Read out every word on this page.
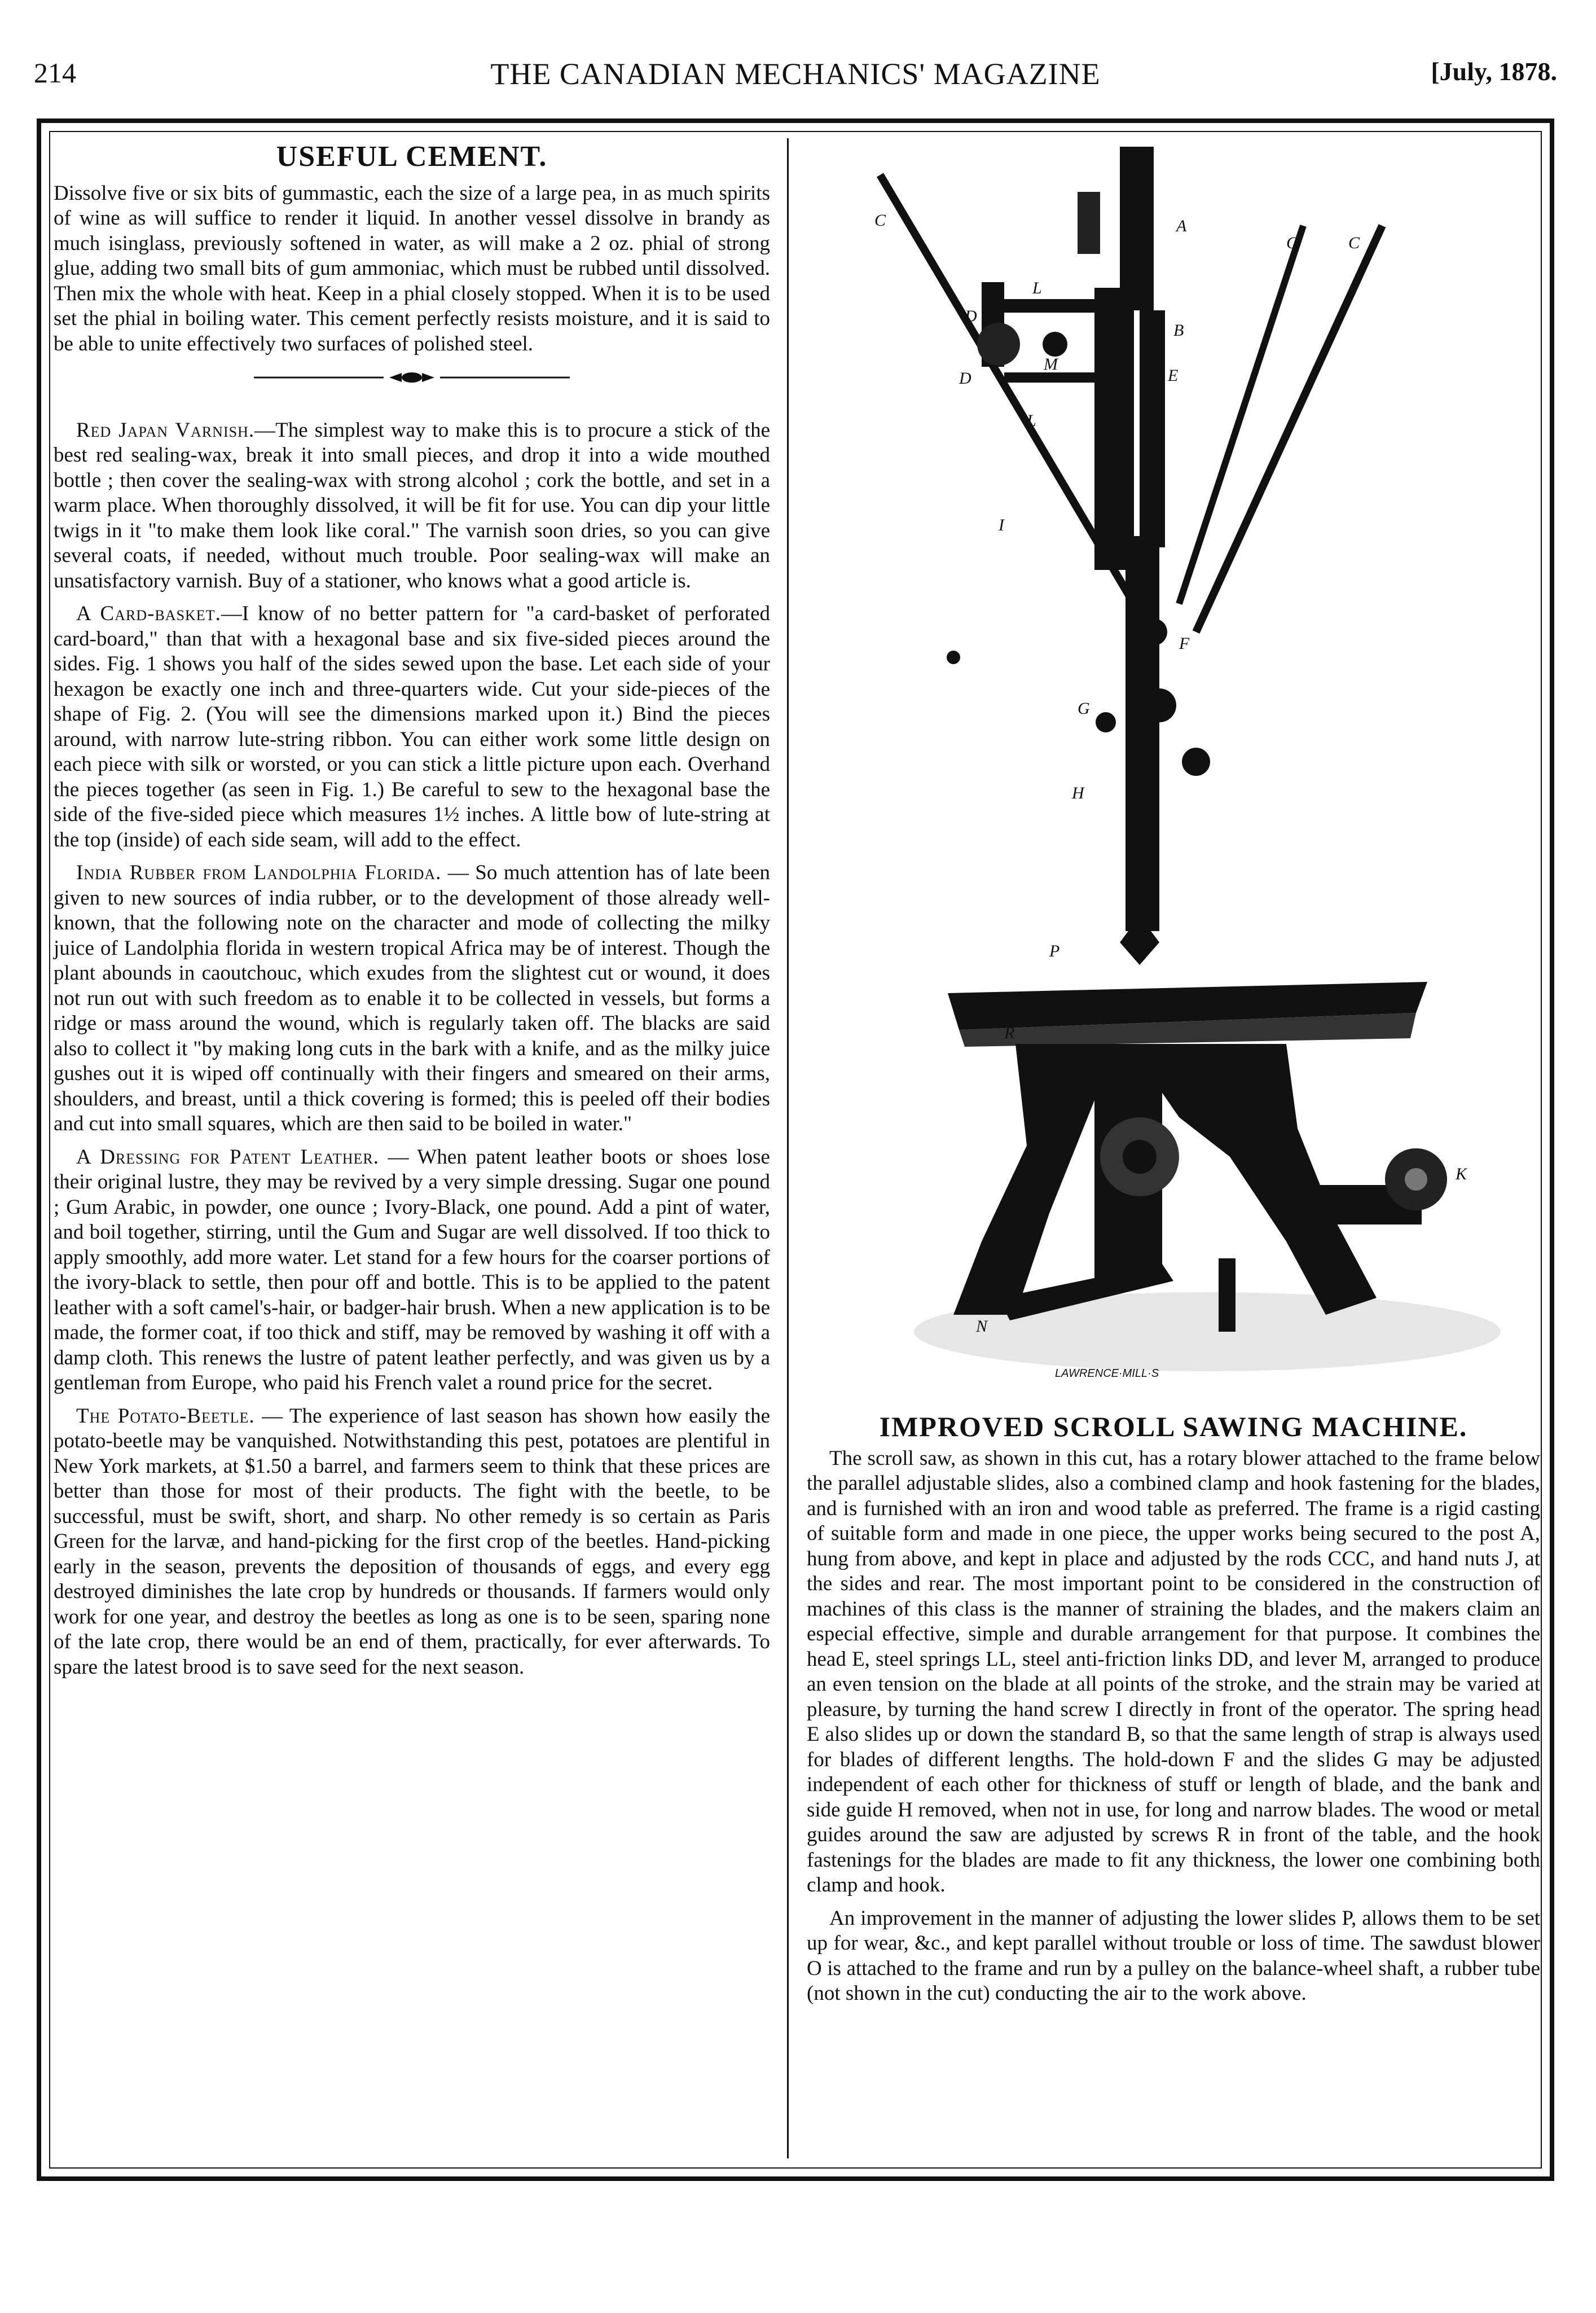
214	THE CANADIAN MECHANICS' MAGAZINE	[July, 1878.
USEFUL CEMENT.

Dissolve five or six bits of gummastic, each the size of a large pea, in as much spirits of wine as will suffice to render it liquid. In another vessel dissolve in brandy as much isinglass, previously softened in water, as will make a 2 oz. phial of strong glue, adding two small bits of gum ammoniac, which must be rubbed until dissolved. Then mix the whole with heat. Keep in a phial closely stopped. When it is to be used set the phial in boiling water. This cement perfectly resists moisture, and it is said to be able to unite effectively two surfaces of polished steel.

Red Japan Varnish.—The simplest way to make this is to procure a stick of the best red sealing-wax, break it into small pieces, and drop it into a wide mouthed bottle ; then cover the sealing-wax with strong alcohol ; cork the bottle, and set in a warm place. When thoroughly dissolved, it will be fit for use. You can dip your little twigs in it "to make them look like coral." The varnish soon dries, so you can give several coats, if needed, without much trouble. Poor sealing-wax will make an unsatisfactory varnish. Buy of a stationer, who knows what a good article is.

A Card-basket.—I know of no better pattern for "a card-basket of perforated card-board," than that with a hexagonal base and six five-sided pieces around the sides. Fig. 1 shows you half of the sides sewed upon the base. Let each side of your hexagon be exactly one inch and three-quarters wide. Cut your side-pieces of the shape of Fig. 2. (You will see the dimensions marked upon it.) Bind the pieces around, with narrow lute-string ribbon. You can either work some little design on each piece with silk or worsted, or you can stick a little picture upon each. Overhand the pieces together (as seen in Fig. 1.) Be careful to sew to the hexagonal base the side of the five-sided piece which measures 1½ inches. A little bow of lute-string at the top (inside) of each side seam, will add to the effect.

India Rubber from Landolphia Florida. — So much attention has of late been given to new sources of india rubber, or to the development of those already well-known, that the following note on the character and mode of collecting the milky juice of Landolphia florida in western tropical Africa may be of interest. Though the plant abounds in caoutchouc, which exudes from the slightest cut or wound, it does not run out with such freedom as to enable it to be collected in vessels, but forms a ridge or mass around the wound, which is regularly taken off. The blacks are said also to collect it "by making long cuts in the bark with a knife, and as the milky juice gushes out it is wiped off continually with their fingers and smeared on their arms, shoulders, and breast, until a thick covering is formed; this is peeled off their bodies and cut into small squares, which are then said to be boiled in water."

A Dressing for Patent Leather. — When patent leather boots or shoes lose their original lustre, they may be revived by a very simple dressing. Sugar one pound ; Gum Arabic, in powder, one ounce ; Ivory-Black, one pound. Add a pint of water, and boil together, stirring, until the Gum and Sugar are well dissolved. If too thick to apply smoothly, add more water. Let stand for a few hours for the coarser portions of the ivory-black to settle, then pour off and bottle. This is to be applied to the patent leather with a soft camel's-hair, or badger-hair brush. When a new application is to be made, the former coat, if too thick and stiff, may be removed by washing it off with a damp cloth. This renews the lustre of patent leather perfectly, and was given us by a gentleman from Europe, who paid his French valet a round price for the secret.

The Potato-Beetle. — The experience of last season has shown how easily the potato-beetle may be vanquished. Notwithstanding this pest, potatoes are plentiful in New York markets, at $1.50 a barrel, and farmers seem to think that these prices are better than those for most of their products. The fight with the beetle, to be successful, must be swift, short, and sharp. No other remedy is so certain as Paris Green for the larvæ, and hand-picking for the first crop of the beetles. Hand-picking early in the season, prevents the deposition of thousands of eggs, and every egg destroyed diminishes the late crop by hundreds or thousands. If farmers would only work for one year, and destroy the beetles as long as one is to be seen, sparing none of the late crop, there would be an end of them, practically, for ever afterwards. To spare the latest brood is to save seed for the next season.

C	A
C	C
D
L
B
D
M
E
L
I	J
F
G
H
R
P
O
K
N
LAWRENCE·MILL·S
IMPROVED SCROLL SAWING MACHINE.

The scroll saw, as shown in this cut, has a rotary blower attached to the frame below the parallel adjustable slides, also a combined clamp and hook fastening for the blades, and is furnished with an iron and wood table as preferred. The frame is a rigid casting of suitable form and made in one piece, the upper works being secured to the post A, hung from above, and kept in place and adjusted by the rods CCC, and hand nuts J, at the sides and rear. The most important point to be considered in the construction of machines of this class is the manner of straining the blades, and the makers claim an especial effective, simple and durable arrangement for that purpose. It combines the head E, steel springs LL, steel anti-friction links DD, and lever M, arranged to produce an even tension on the blade at all points of the stroke, and the strain may be varied at pleasure, by turning the hand screw I directly in front of the operator. The spring head E also slides up or down the standard B, so that the same length of strap is always used for blades of different lengths. The hold-down F and the slides G may be adjusted independent of each other for thickness of stuff or length of blade, and the bank and side guide H removed, when not in use, for long and narrow blades. The wood or metal guides around the saw are adjusted by screws R in front of the table, and the hook fastenings for the blades are made to fit any thickness, the lower one combining both clamp and hook.

An improvement in the manner of adjusting the lower slides P, allows them to be set up for wear, &c., and kept parallel without trouble or loss of time. The sawdust blower O is attached to the frame and run by a pulley on the balance-wheel shaft, a rubber tube (not shown in the cut) conducting the air to the work above.
